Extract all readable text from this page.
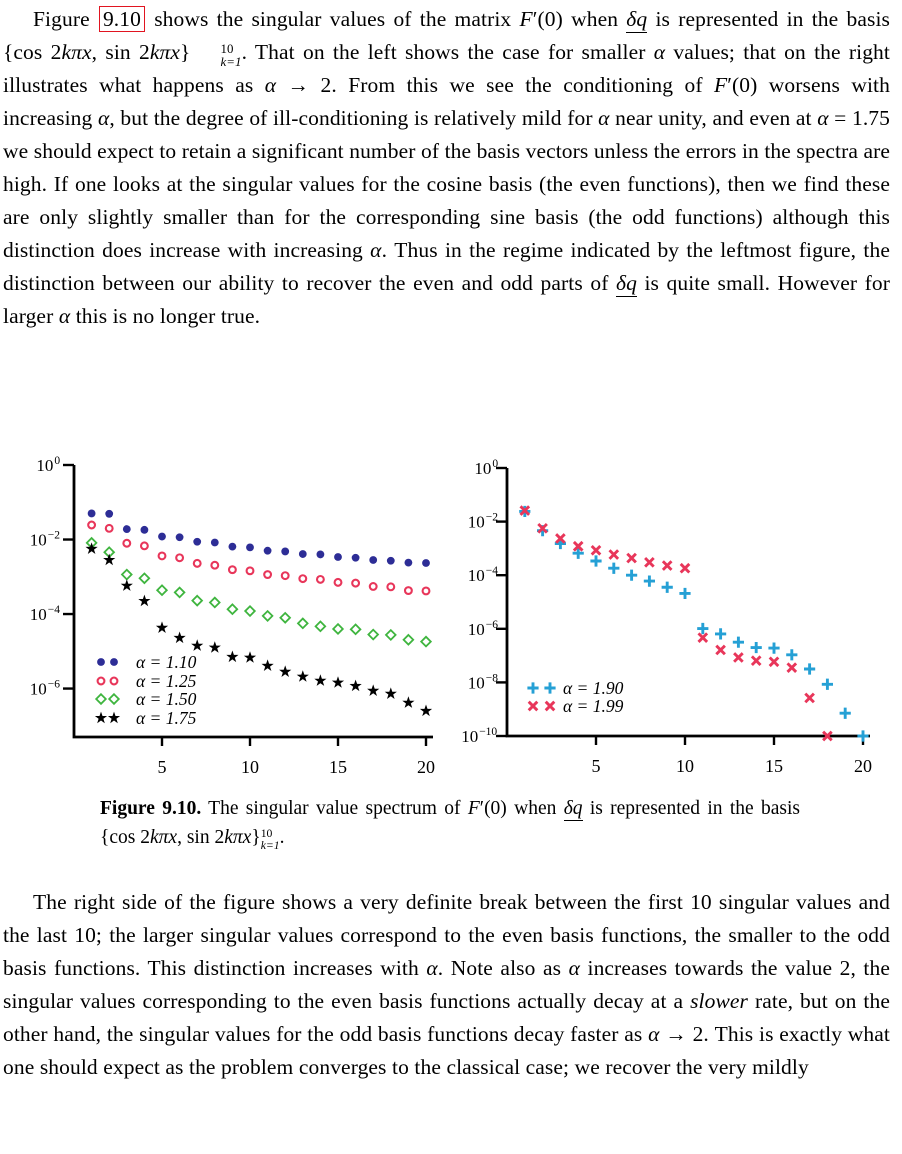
Figure 9.10 shows the singular values of the matrix F′(0) when δq is represented in the basis {cos 2kπx, sin 2kπx}	10
k=1 . That on the left shows the case for smaller α values; that on the right illustrates what happens as α → 2. From this we see the conditioning of F′(0) worsens with increasing α, but the degree of ill-conditioning is relatively mild for α near unity, and even at α = 1.75 we should expect to retain a significant number of the basis vectors unless the errors in the spectra are high. If one looks at the singular values for the cosine basis (the even functions), then we find these are only slightly smaller than for the corresponding sine basis (the odd functions) although this distinction does increase with increasing α. Thus in the regime indicated by the leftmost figure, the distinction between our ability to recover the even and odd parts of δq is quite small. However for larger α this is no longer true.
$10^0$
$10^{-2}$
$10^{-4}$
$10^{-6}$
5	10	15	20
α = 1.10
α = 1.25
α = 1.50
α = 1.75
$10^0$
$10^{-2}$
$10^{-4}$
$10^{-6}$
$10^{-8}$
$10^{-10}$
5	10	15	20
α = 1.90
α = 1.99
Figure 9.10. The singular value spectrum of F′(0) when δq is represented in the basis {cos 2kπx, sin 2kπx} 10
k=1 .
The right side of the figure shows a very definite break between the first 10 singular values and the last 10; the larger singular values correspond to the even basis functions, the smaller to the odd basis functions. This distinction increases with α. Note also as α increases towards the value 2, the singular values corresponding to the even basis functions actually decay at a slower rate, but on the other hand, the singular values for the odd basis functions decay faster as α → 2. This is exactly what one should expect as the problem converges to the classical case; we recover the very mildly
